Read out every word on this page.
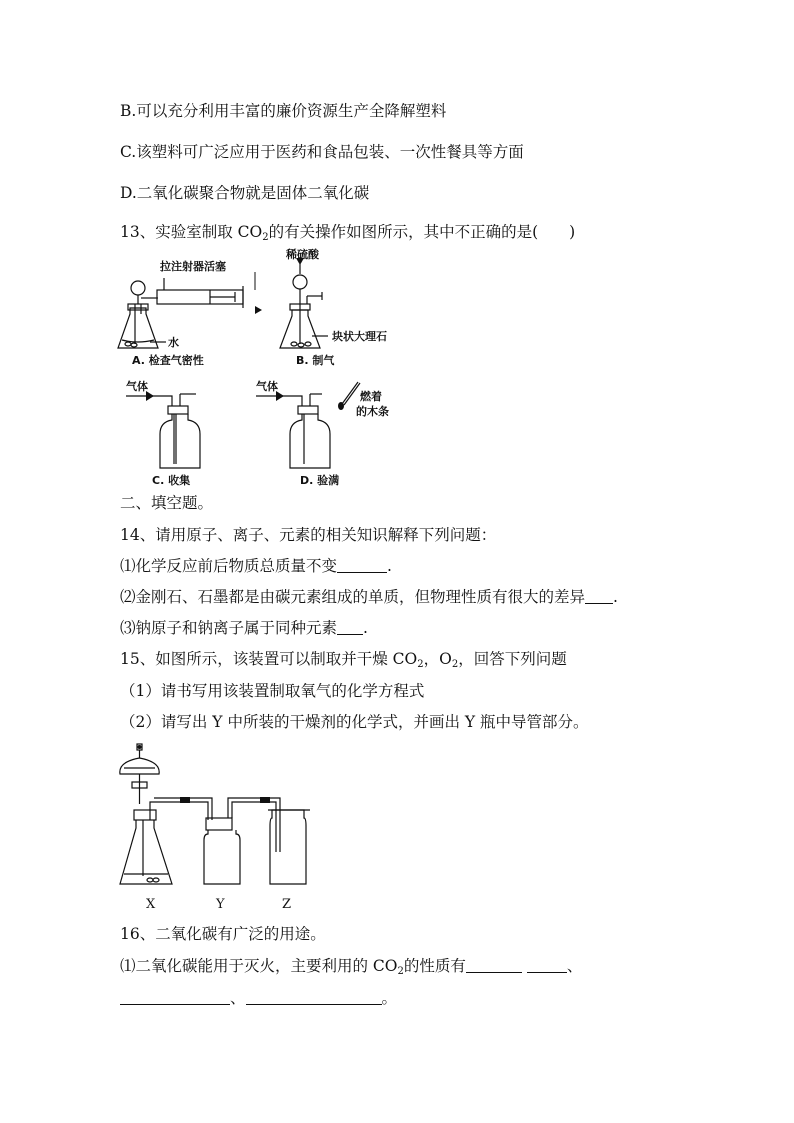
B.可以充分利用丰富的廉价资源生产全降解塑料
C.该塑料可广泛应用于医药和食品包装、一次性餐具等方面
D.二氧化碳聚合物就是固体二氧化碳
13、实验室制取 $CO_2$的有关操作如图所示，其中不正确的是(　　)
拉注射器活塞
水
A. 检查气密性
稀硫酸
块状大理石
B. 制气
气体
C. 收集
气体
燃着
的木条
D. 验满
二、填空题。
14、请用原子、离子、元素的相关知识解释下列问题：
⑴化学反应前后物质总质量不变	.
⑵金刚石、石墨都是由碳元素组成的单质，但物理性质有很大的差异 .
⑶钠原子和钠离子属于同种元素 .
15、如图所示，该装置可以制取并干燥 $CO_2$，$O_2$，回答下列问题
（1）请书写用该装置制取氧气的化学方程式
（2）请写出 Y 中所装的干燥剂的化学式，并画出 Y 瓶中导管部分。
X	Y	Z
16、二氧化碳有广泛的用途。
⑴二氧化碳能用于灭火，主要利用的 $CO_2$的性质有	、
、	。
